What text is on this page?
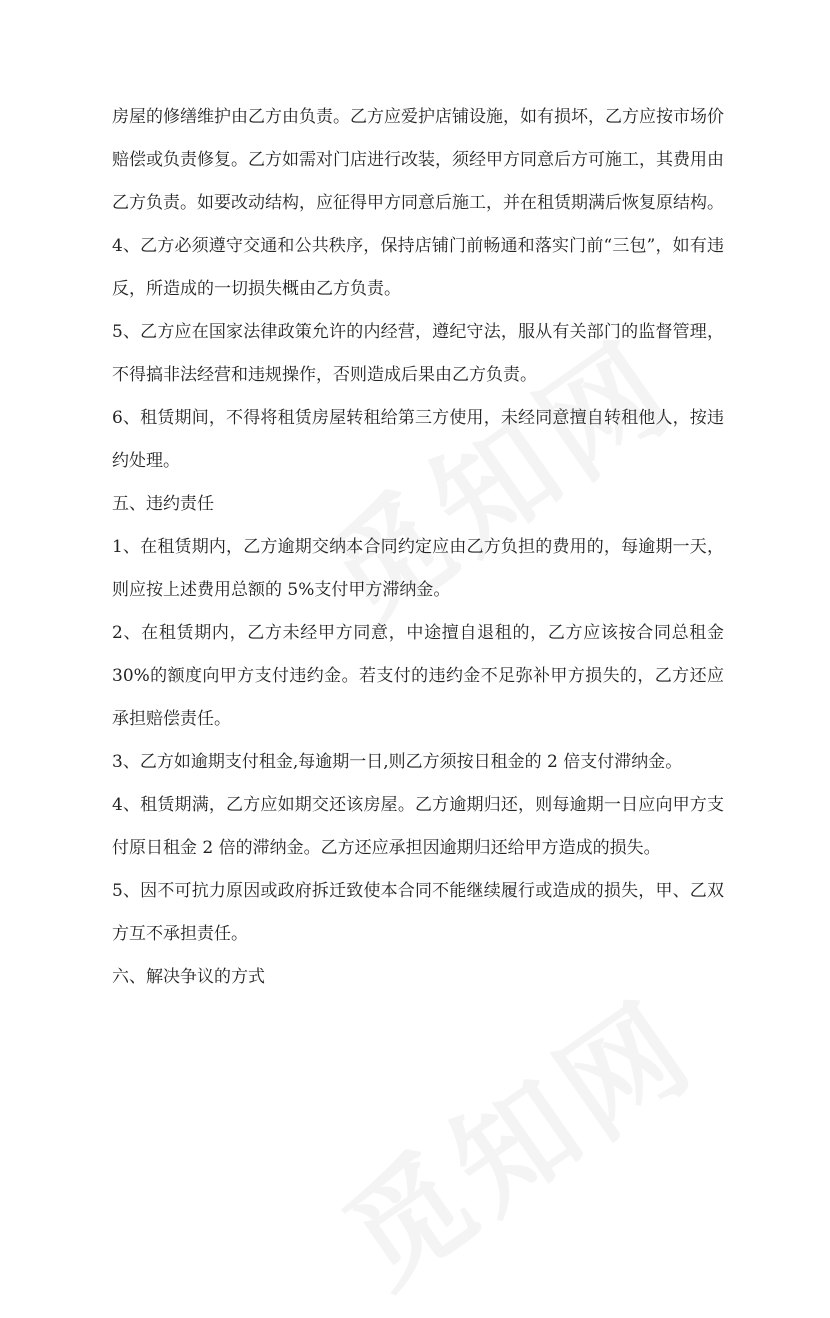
房屋的修缮维护由乙方由负责。乙方应爱护店铺设施，如有损坏，乙方应按市场价赔偿或负责修复。乙方如需对门店进行改装，须经甲方同意后方可施工，其费用由乙方负责。如要改动结构，应征得甲方同意后施工，并在租赁期满后恢复原结构。

4、乙方必须遵守交通和公共秩序，保持店铺门前畅通和落实门前“三包”，如有违反，所造成的一切损失概由乙方负责。

5、乙方应在国家法律政策允许的内经营，遵纪守法，服从有关部门的监督管理，不得搞非法经营和违规操作，否则造成后果由乙方负责。

6、租赁期间，不得将租赁房屋转租给第三方使用，未经同意擅自转租他人，按违约处理。

五、违约责任

1、在租赁期内，乙方逾期交纳本合同约定应由乙方负担的费用的，每逾期一天，则应按上述费用总额的 5%支付甲方滞纳金。

2、在租赁期内，乙方未经甲方同意，中途擅自退租的，乙方应该按合同总租金 30%的额度向甲方支付违约金。若支付的违约金不足弥补甲方损失的，乙方还应承担赔偿责任。

3、乙方如逾期支付租金,每逾期一日,则乙方须按日租金的 2 倍支付滞纳金。

4、租赁期满，乙方应如期交还该房屋。乙方逾期归还，则每逾期一日应向甲方支付原日租金 2 倍的滞纳金。乙方还应承担因逾期归还给甲方造成的损失。

5、因不可抗力原因或政府拆迁致使本合同不能继续履行或造成的损失，甲、乙双方互不承担责任。

六、解决争议的方式
